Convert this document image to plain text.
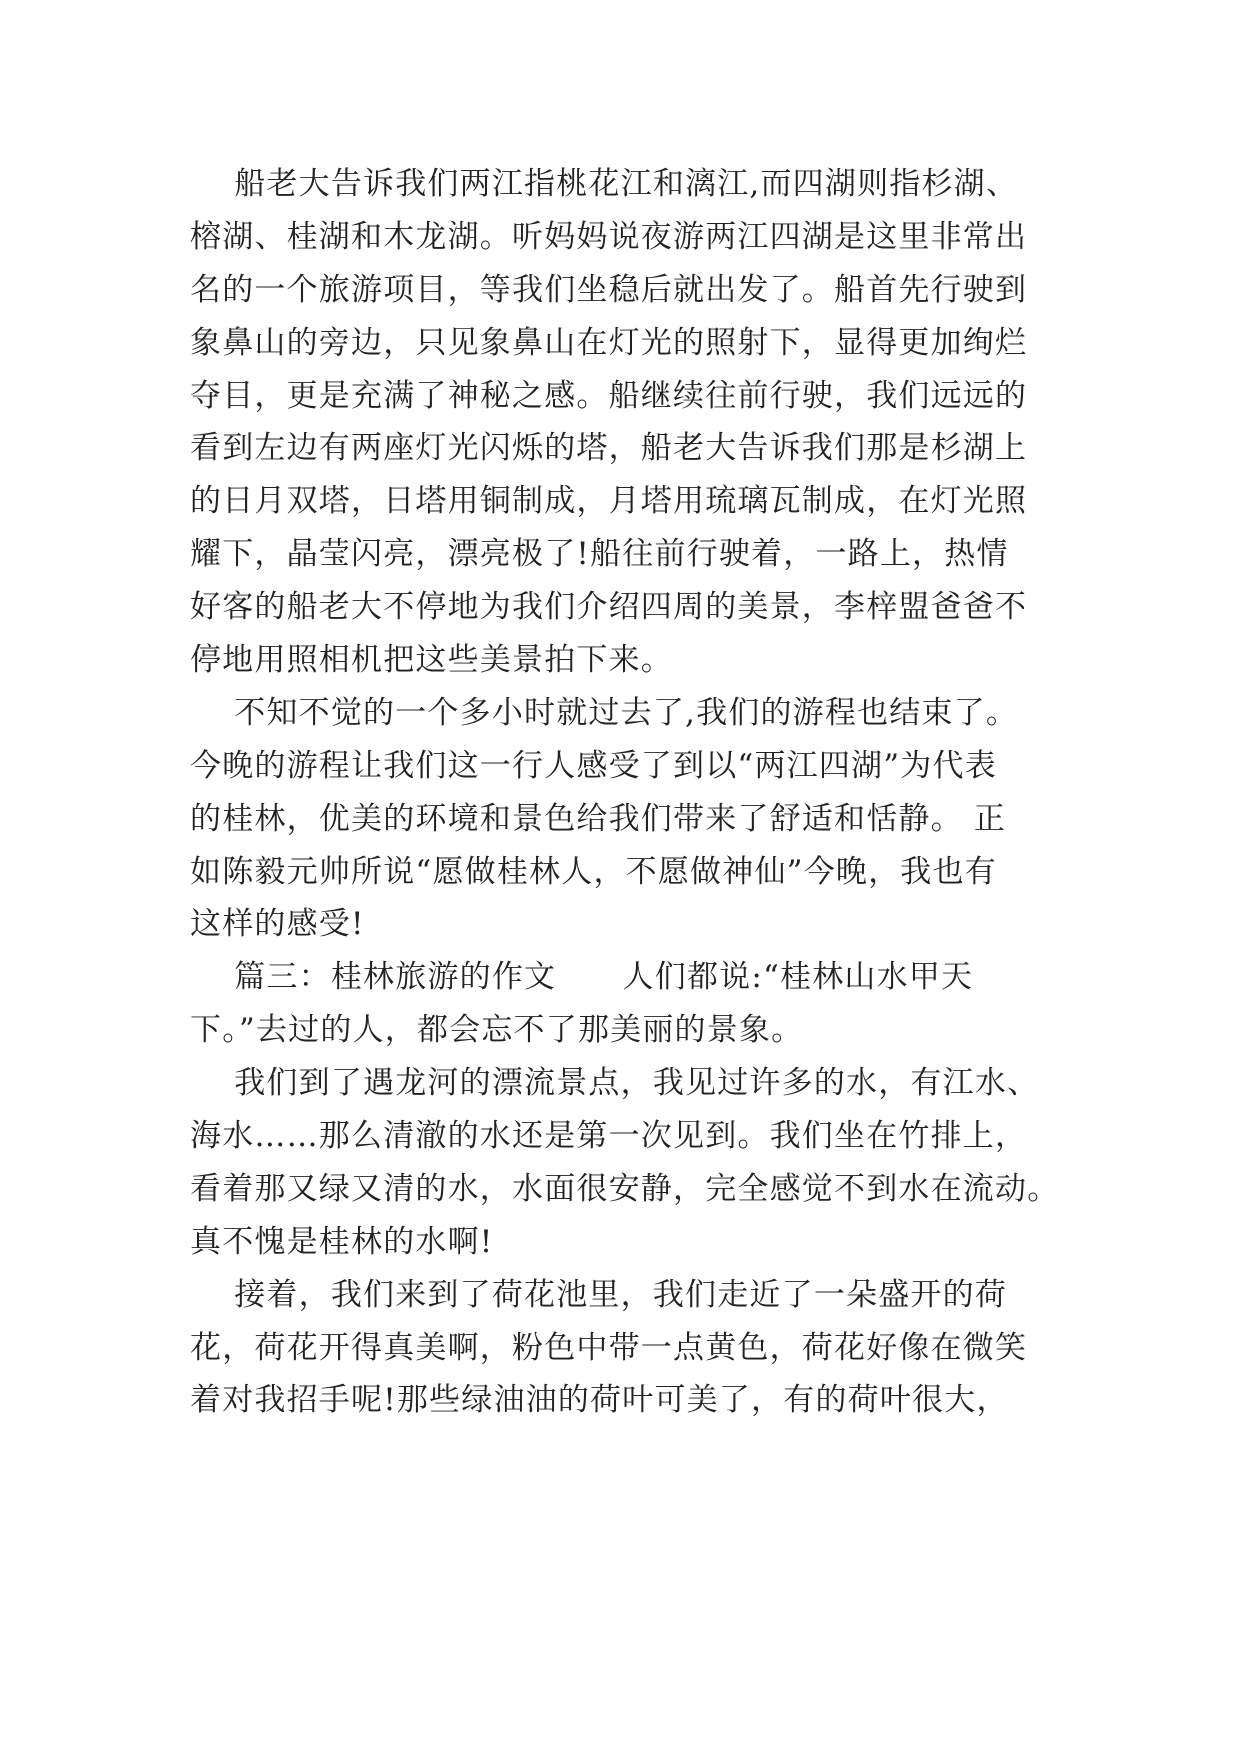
船老大告诉我们两江指桃花江和漓江,而四湖则指杉湖、
榕湖、桂湖和木龙湖。听妈妈说夜游两江四湖是这里非常出
名的一个旅游项目，等我们坐稳后就出发了。船首先行驶到
象鼻山的旁边，只见象鼻山在灯光的照射下，显得更加绚烂
夺目，更是充满了神秘之感。船继续往前行驶，我们远远的
看到左边有两座灯光闪烁的塔，船老大告诉我们那是杉湖上
的日月双塔，日塔用铜制成，月塔用琉璃瓦制成，在灯光照
耀下，晶莹闪亮，漂亮极了!船往前行驶着，一路上，热情
好客的船老大不停地为我们介绍四周的美景，李梓盟爸爸不
停地用照相机把这些美景拍下来。
不知不觉的一个多小时就过去了,我们的游程也结束了。
今晚的游程让我们这一行人感受了到以“两江四湖”为代表
的桂林，优美的环境和景色给我们带来了舒适和恬静。 正
如陈毅元帅所说“愿做桂林人，不愿做神仙”今晚，我也有
这样的感受!
篇三：桂林旅游的作文      人们都说:“桂林山水甲天
下。”去过的人，都会忘不了那美丽的景象。
我们到了遇龙河的漂流景点，我见过许多的水，有江水、
海水……那么清澈的水还是第一次见到。我们坐在竹排上，
看着那又绿又清的水，水面很安静，完全感觉不到水在流动。
真不愧是桂林的水啊!
接着，我们来到了荷花池里，我们走近了一朵盛开的荷
花，荷花开得真美啊，粉色中带一点黄色，荷花好像在微笑
着对我招手呢!那些绿油油的荷叶可美了，有的荷叶很大，
